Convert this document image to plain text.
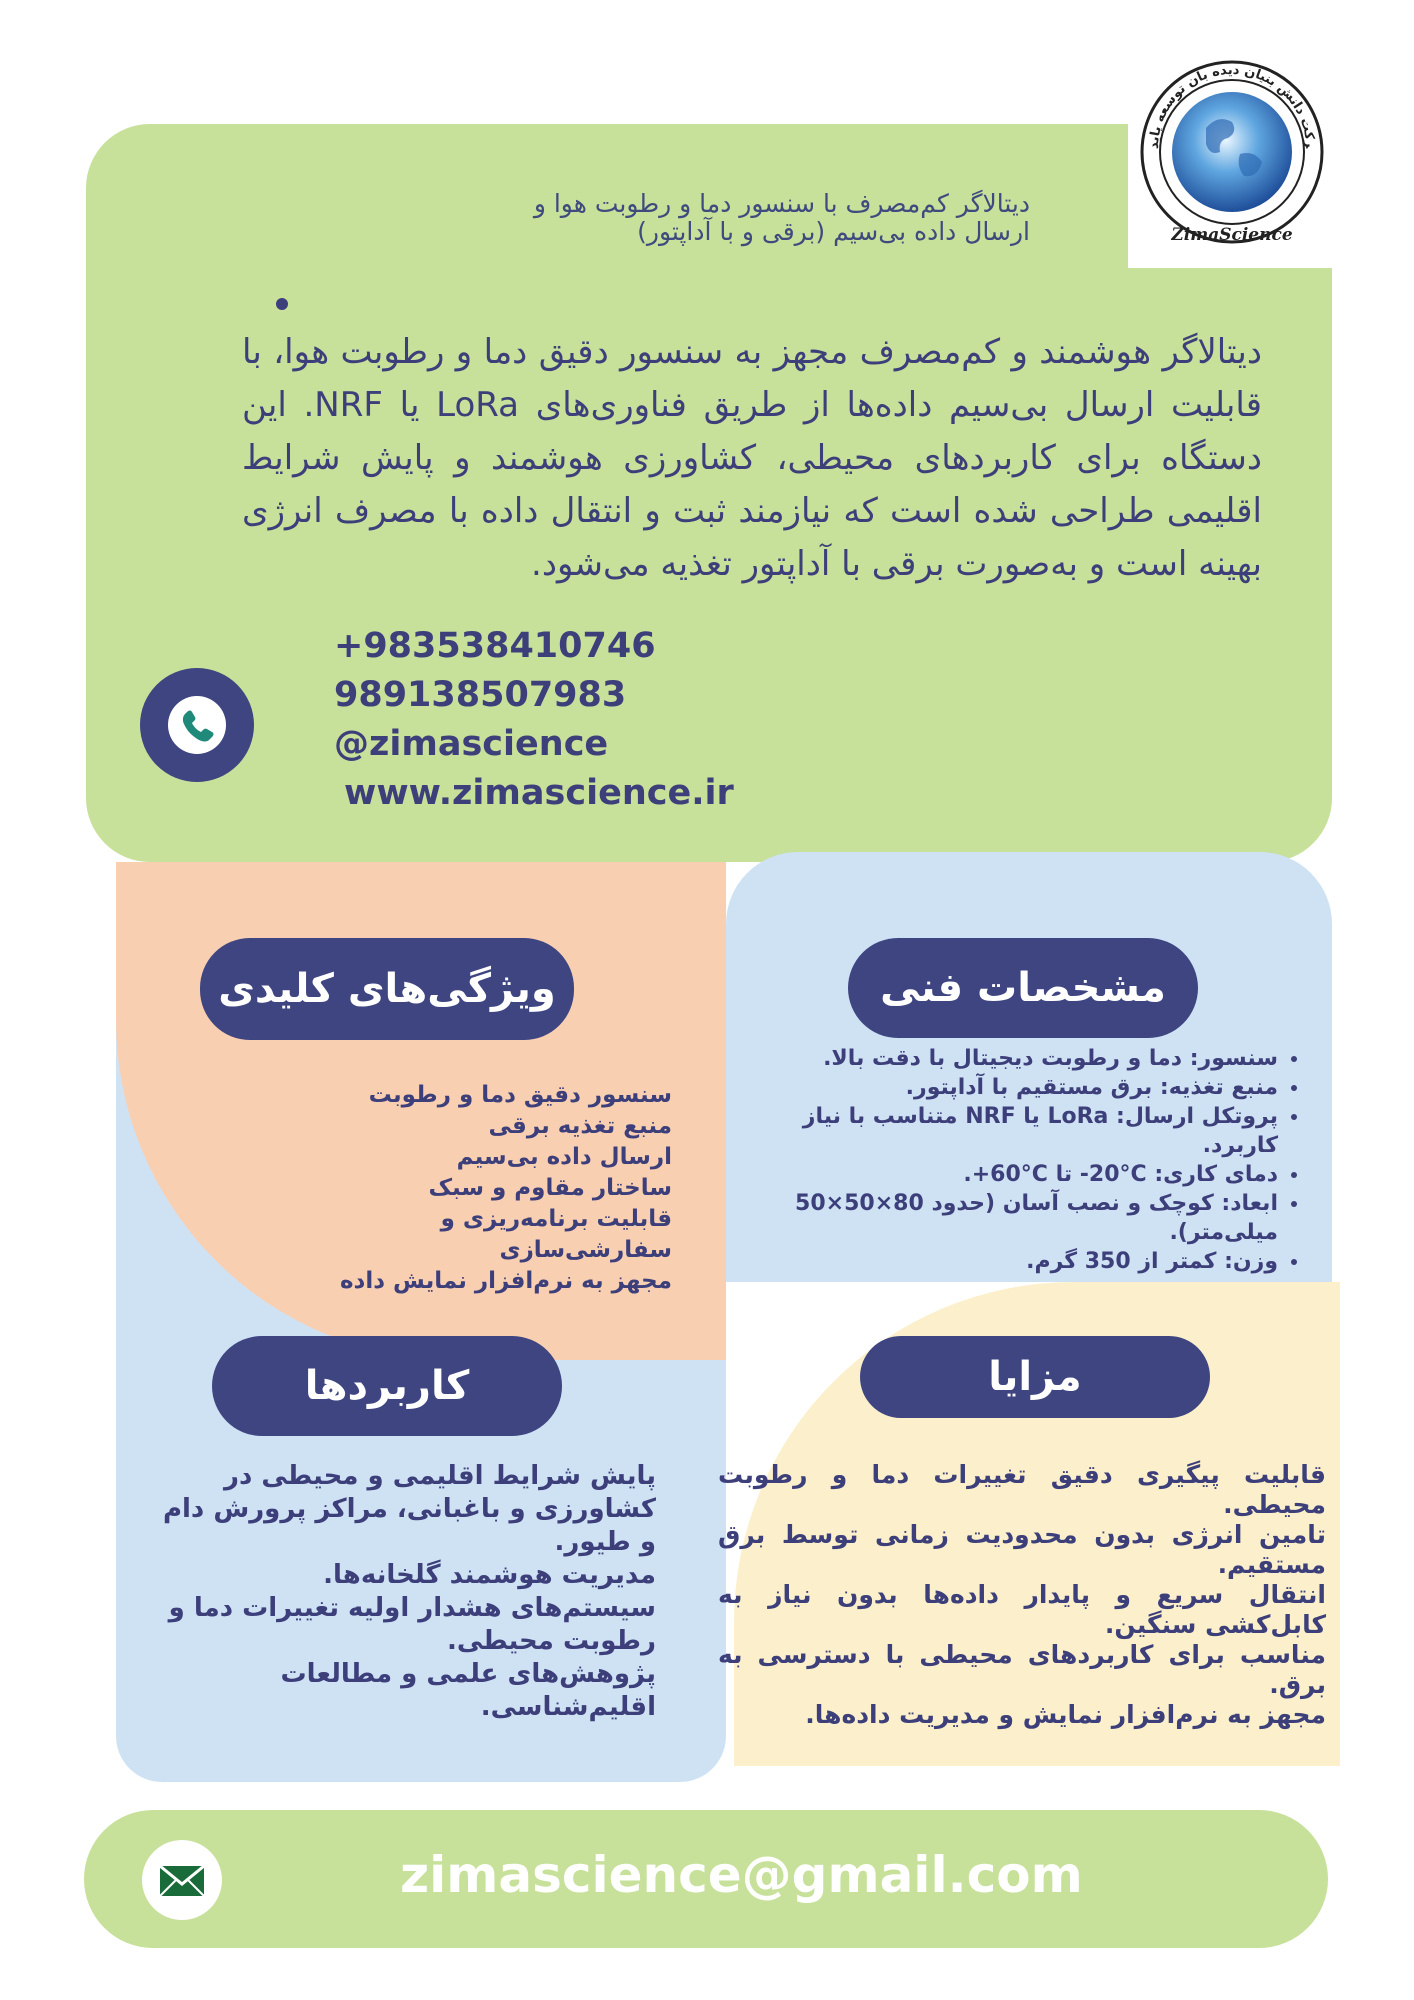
رکت دانش بنیان دیده بان توسعه پاید
ZimaScience
دیتالاگر کم‌مصرف با سنسور دما و رطوبت هوا و
ارسال داده بی‌سیم (برقی و با آداپتور)
دیتالاگر هوشمند و کم‌مصرف مجهز به سنسور دقیق دما و رطوبت هوا، با قابلیت ارسال بی‌سیم داده‌ها از طریق فناوری‌های LoRa یا NRF. این دستگاه برای کاربردهای محیطی، کشاورزی هوشمند و پایش شرایط اقلیمی طراحی شده است که نیازمند ثبت و انتقال داده با مصرف انرژی بهینه است و به‌صورت برقی با آداپتور تغذیه می‌شود.
+983538410746
989138507983
@zimascience
www.zimascience.ir
ویژگی‌های کلیدی
سنسور دقیق دما و رطوبت
منبع تغذیه برقی
ارسال داده بی‌سیم
ساختار مقاوم و سبک
قابلیت برنامه‌ریزی و سفارشی‌سازی
مجهز به نرم‌افزار نمایش داده
مشخصات فنی
• سنسور: دما و رطوبت دیجیتال با دقت بالا.
• منبع تغذیه: برق مستقیم با آداپتور.
• پروتکل ارسال: LoRa یا NRF متناسب با نیاز کاربرد.
• دمای کاری: ‎-20°C‎ تا ‎+60°C‎.
• ابعاد: کوچک و نصب آسان (حدود 80×50×50 میلی‌متر).
• وزن: کمتر از 350 گرم.
کاربردها
پایش شرایط اقلیمی و محیطی در کشاورزی و باغبانی، مراکز پرورش دام و طیور.
مدیریت هوشمند گلخانه‌ها.
سیستم‌های هشدار اولیه تغییرات دما و رطوبت محیطی.
پژوهش‌های علمی و مطالعات اقلیم‌شناسی.
مزایا
قابلیت پیگیری دقیق تغییرات دما و رطوبت محیطی.
تامین انرژی بدون محدودیت زمانی توسط برق مستقیم.
انتقال سریع و پایدار داده‌ها بدون نیاز به کابل‌کشی سنگین.
مناسب برای کاربردهای محیطی با دسترسی به برق.
مجهز به نرم‌افزار نمایش و مدیریت داده‌ها.
zimascience@gmail.com
